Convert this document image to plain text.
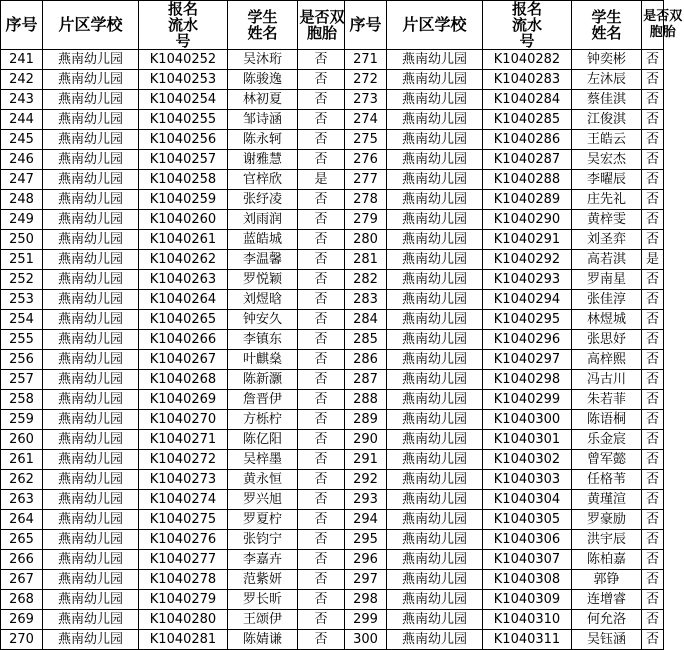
序号	片区学校	报名流水号	学生姓名	是否双胞胎	序号	片区学校	报名流水号	学生姓名	是否双胞胎

241	燕南幼儿园	K1040252	吴沐珩	否	271	燕南幼儿园	K1040282	钟奕彬	否
242	燕南幼儿园	K1040253	陈骏逸	否	272	燕南幼儿园	K1040283	左沐辰	否
243	燕南幼儿园	K1040254	林初夏	否	273	燕南幼儿园	K1040284	蔡佳淇	否
244	燕南幼儿园	K1040255	邹诗涵	否	274	燕南幼儿园	K1040285	江俊淇	否
245	燕南幼儿园	K1040256	陈永轲	否	275	燕南幼儿园	K1040286	王皓云	否
246	燕南幼儿园	K1040257	谢雅慧	否	276	燕南幼儿园	K1040287	吴宏杰	否
247	燕南幼儿园	K1040258	官梓欣	是	277	燕南幼儿园	K1040288	李曜辰	否
248	燕南幼儿园	K1040259	张纾凌	否	278	燕南幼儿园	K1040289	庄先礼	否
249	燕南幼儿园	K1040260	刘雨润	否	279	燕南幼儿园	K1040290	黄梓雯	否
250	燕南幼儿园	K1040261	蓝皓城	否	280	燕南幼儿园	K1040291	刘圣弈	否
251	燕南幼儿园	K1040262	李温馨	否	281	燕南幼儿园	K1040292	高若淇	是
252	燕南幼儿园	K1040263	罗悦颖	否	282	燕南幼儿园	K1040293	罗南星	否
253	燕南幼儿园	K1040264	刘煜晗	否	283	燕南幼儿园	K1040294	张佳淳	否
254	燕南幼儿园	K1040265	钟安久	否	284	燕南幼儿园	K1040295	林煜城	否
255	燕南幼儿园	K1040266	李镇东	否	285	燕南幼儿园	K1040296	张思妤	否
256	燕南幼儿园	K1040267	叶麒燊	否	286	燕南幼儿园	K1040297	高梓熙	否
257	燕南幼儿园	K1040268	陈新灏	否	287	燕南幼儿园	K1040298	冯古川	否
258	燕南幼儿园	K1040269	詹晋伊	否	288	燕南幼儿园	K1040299	朱若菲	否
259	燕南幼儿园	K1040270	方栎柠	否	289	燕南幼儿园	K1040300	陈语桐	否
260	燕南幼儿园	K1040271	陈亿阳	否	290	燕南幼儿园	K1040301	乐金宸	否
261	燕南幼儿园	K1040272	吴梓墨	否	291	燕南幼儿园	K1040302	曾军懿	否
262	燕南幼儿园	K1040273	黄永恒	否	292	燕南幼儿园	K1040303	任格苇	否
263	燕南幼儿园	K1040274	罗兴旭	否	293	燕南幼儿园	K1040304	黄瑾渲	否
264	燕南幼儿园	K1040275	罗夏柠	否	294	燕南幼儿园	K1040305	罗豪励	否
265	燕南幼儿园	K1040276	张钧宁	否	295	燕南幼儿园	K1040306	洪宇辰	否
266	燕南幼儿园	K1040277	李嘉卉	否	296	燕南幼儿园	K1040307	陈柏嘉	否
267	燕南幼儿园	K1040278	范紫妍	否	297	燕南幼儿园	K1040308	郭铮	否
268	燕南幼儿园	K1040279	罗长昕	否	298	燕南幼儿园	K1040309	连增睿	否
269	燕南幼儿园	K1040280	王颂伊	否	299	燕南幼儿园	K1040310	何允洛	否
270	燕南幼儿园	K1040281	陈婧谦	否	300	燕南幼儿园	K1040311	吴钰涵	否
